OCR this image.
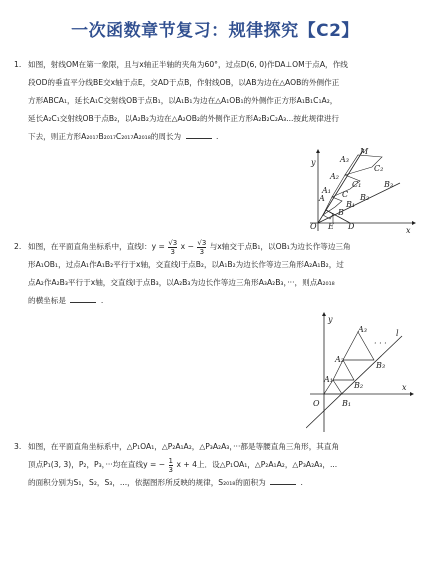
一次函数章节复习：规律探究【C2】
1. 如图，射线OM在第一象限，且与x轴正半轴的夹角为60°，过点D(6, 0)作DA⊥OM于点A，作线
段OD的垂直平分线BE交x轴于点E，交AD于点B，作射线OB，以AB为边在△AOB的外侧作正
方形ABCA₁，延长A₁C交射线OB于点B₁，以A₁B₁为边在△A₁OB₁的外侧作正方形A₁B₁C₁A₂，
延长A₂C₁交射线OB于点B₂，以A₂B₂为边在△A₂OB₂的外侧作正方形A₂B₂C₂A₃...按此规律进行
下去，则正方形A₂₀₁₇B₂₀₁₇C₂₀₁₇A₂₀₁₈的周长为	.
y
x
M
A₃
C₂
A₂
B₃
C₁
A₁
B₂
A C
B₁
B
O E D
2. 如图，在平面直角坐标系中，直线l：$y = \frac{√3}{3}$ $x - \frac{√3}{3}$ 与x轴交于点B₁，以OB₁为边长作等边三角
形A₁OB₁，过点A₁作A₁B₂平行于x轴，交直线l于点B₂，以A₁B₂为边长作等边三角形A₂A₁B₂，过
点A₂作A₂B₃平行于x轴，交直线l于点B₃，以A₂B₃为边长作等边三角形A₃A₂B₃，···，则点A₂₀₁₈
的横坐标是	.
y
x
l
A₃
A₂
B₃
A₁
B₂
O	B₁
· · ·
3. 如图，在平面直角坐标系中，△P₁OA₁，△P₂A₁A₂，△P₃A₂A₃，···都是等腰直角三角形，其直角
顶点P₁(3, 3)，P₂，P₃，···均在直线y = − $\frac{1}{3}$ x + 4上．设△P₁OA₁，△P₂A₁A₂，△P₃A₂A₃，...
的面积分别为S₁，S₂，S₃，...，依据图形所反映的规律，S₂₀₁₈的面积为	.
